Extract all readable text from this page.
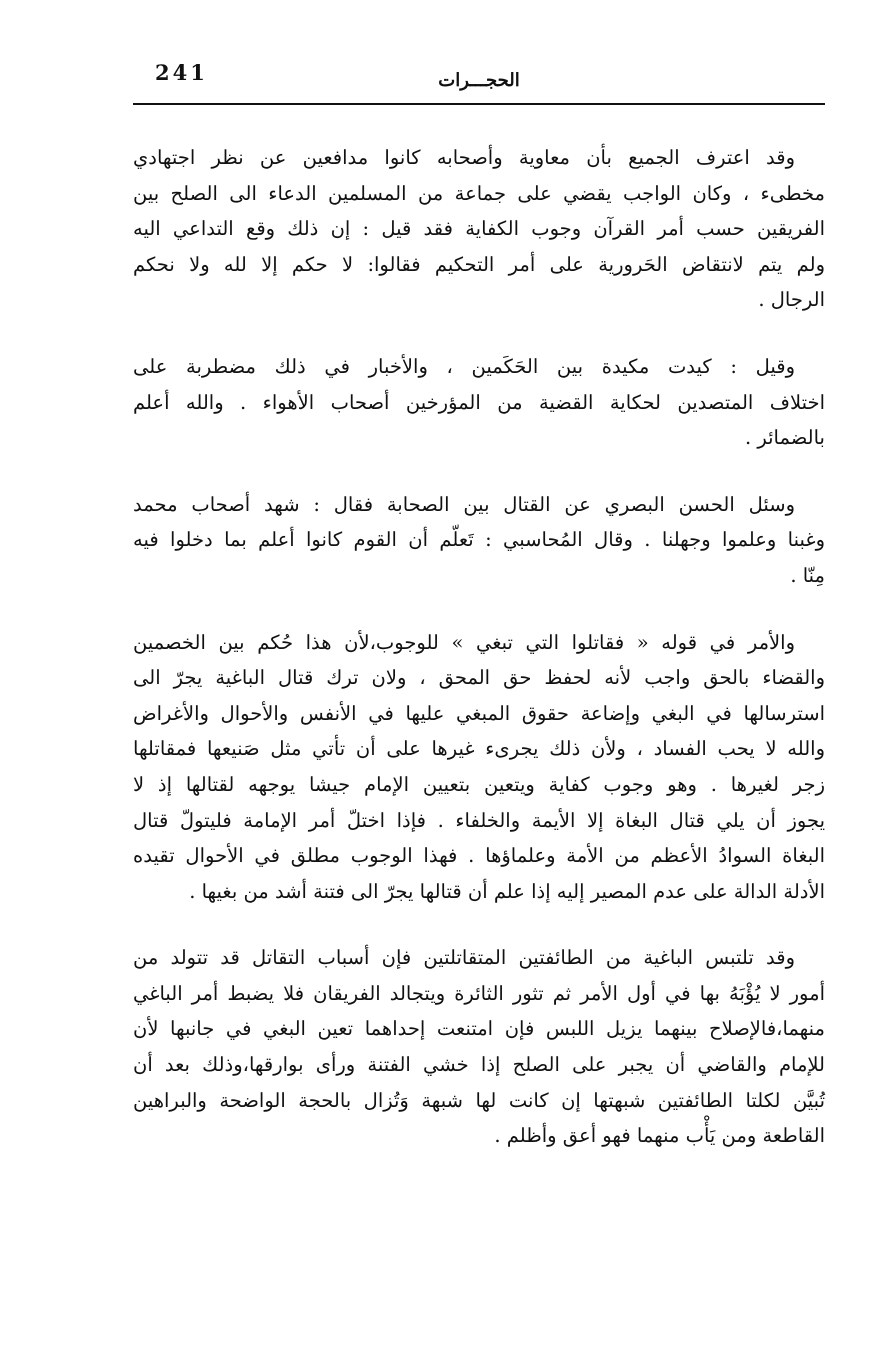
241	الحجـــرات

وقد اعترف الجميع بأن معاوية وأصحابه كانوا مدافعين عن نظر اجتهادي
مخطىء ، وكان الواجب يقضي على جماعة من المسلمين الدعاء الى الصلح بين
الفريقين حسب أمر القرآن وجوب الكفاية فقد قيل : إن ذلك وقع التداعي اليه
ولم يتم لانتقاض الحَرورية على أمر التحكيم فقالوا: لا حكم إلا لله ولا نحكم
الرجال .

وقيل : كيدت مكيدة بين الحَكَمين ، والأخبار في ذلك مضطربة على
اختلاف المتصدين لحكاية القضية من المؤرخين أصحاب الأهواء . والله أعلم
بالضمائر .

وسئل الحسن البصري عن القتال بين الصحابة فقال : شهد أصحاب محمد
وغبنا وعلموا وجهلنا . وقال المُحاسبي : تَعلّم أن القوم كانوا أعلم بما دخلوا فيه
مِنّا .

والأمر في قوله « فقاتلوا التي تبغي » للوجوب،لأن هذا حُكم بين الخصمين
والقضاء بالحق واجب لأنه لحفظ حق المحق ، ولان ترك قتال الباغية يجرّ الى
استرسالها في البغي وإضاعة حقوق المبغي عليها في الأنفس والأحوال والأغراض
والله لا يحب الفساد ، ولأن ذلك يجرىء غيرها على أن تأتي مثل صَنيعها فمقاتلها
زجر لغيرها . وهو وجوب كفاية ويتعين بتعيين الإمام جيشا يوجهه لقتالها إذ لا
يجوز أن يلي قتال البغاة إلا الأيمة والخلفاء . فإذا اختلّ أمر الإمامة فليتولّ قتال
البغاة السوادُ الأعظم من الأمة وعلماؤها . فهذا الوجوب مطلق في الأحوال تقيده
الأدلة الدالة على عدم المصير إليه إذا علم أن قتالها يجرّ الى فتنة أشد من بغيها .

وقد تلتبس الباغية من الطائفتين المتقاتلتين فإن أسباب التقاتل قد تتولد من
أمور لا يُؤْبَهُ بها في أول الأمر ثم تثور الثائرة ويتجالد الفريقان فلا يضبط أمر الباغي
منهما،فالإصلاح بينهما يزيل اللبس فإن امتنعت إحداهما تعين البغي في جانبها لأن
للإمام والقاضي أن يجبر على الصلح إذا خشي الفتنة ورأى بوارقها،وذلك بعد أن
تُبيَّن لكلتا الطائفتين شبهتها إن كانت لها شبهة وَتُزال بالحجة الواضحة والبراهين
القاطعة ومن يَأْب منهما فهو أعق وأظلم .
